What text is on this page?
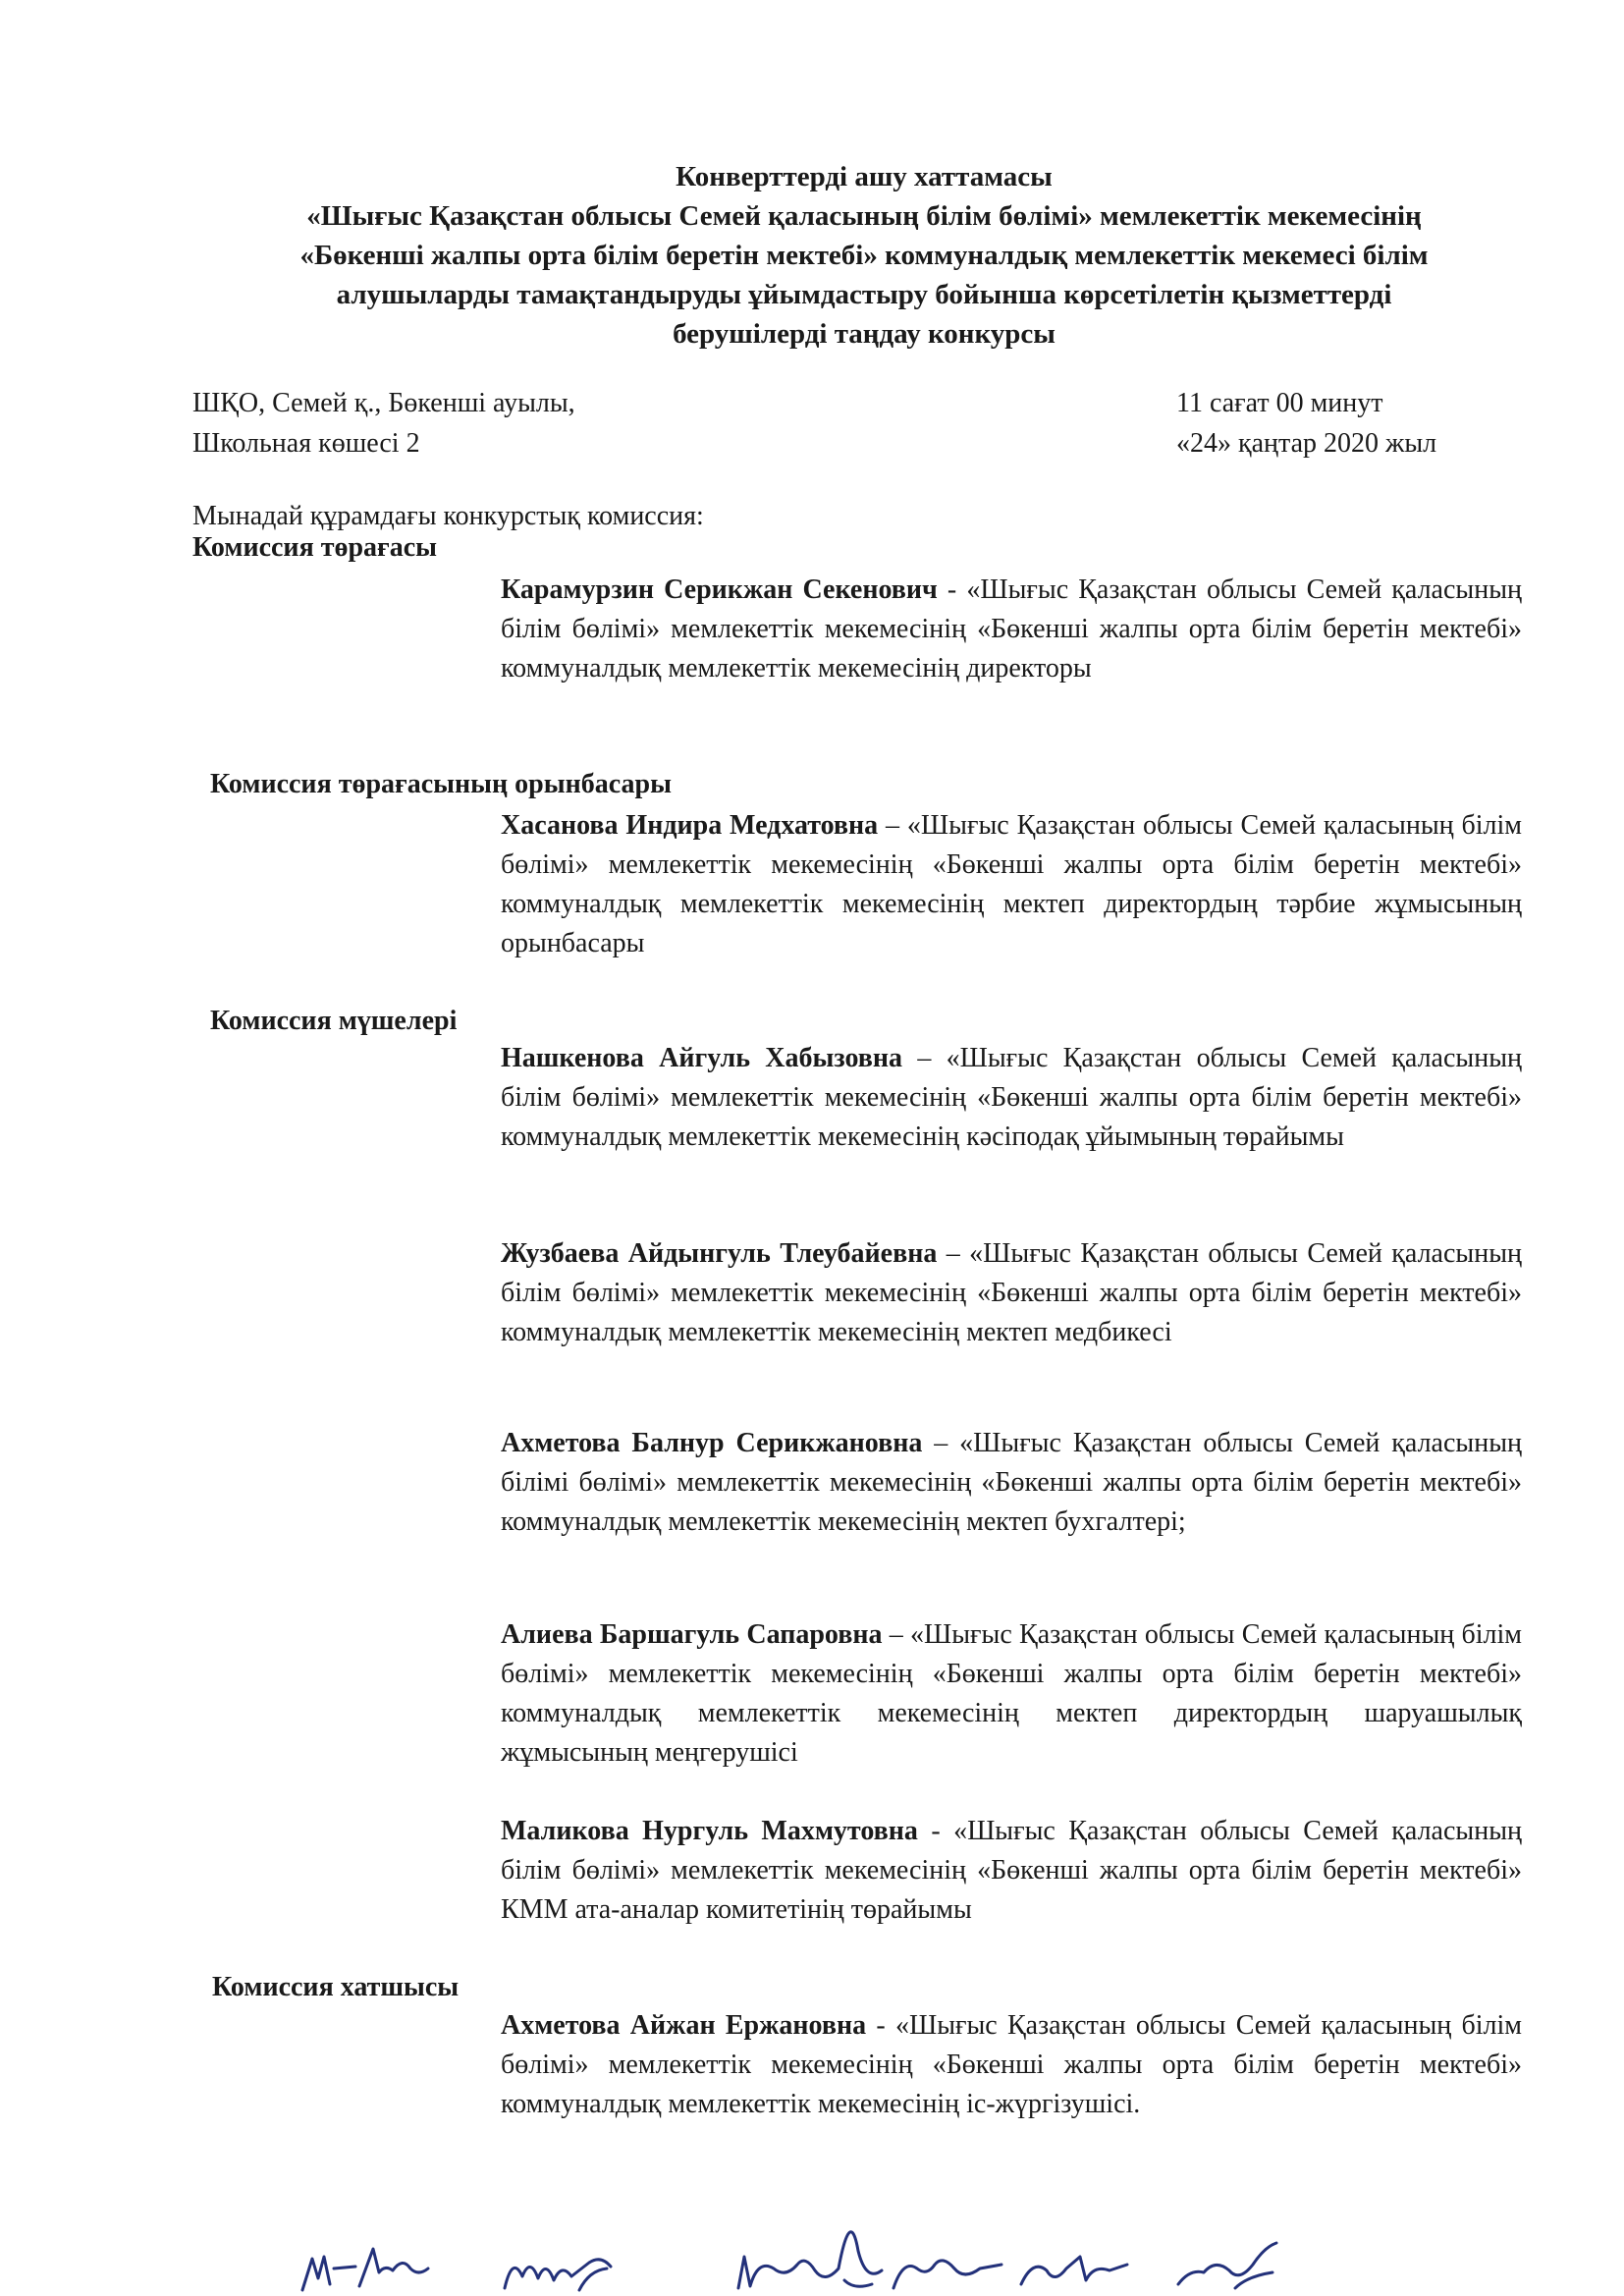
Конверттерді ашу хаттамасы
«Шығыс Қазақстан облысы Семей қаласының білім бөлімі» мемлекеттік мекемесінің
«Бөкенші жалпы орта білім беретін мектебі» коммуналдық мемлекеттік мекемесі білім
алушыларды тамақтандыруды ұйымдастыру бойынша көрсетілетін қызметтерді
берушілерді таңдау конкурсы
ШҚО, Семей қ., Бөкенші ауылы,
Школьная көшесі 2
11 сағат 00 минут
«24» қаңтар 2020 жыл
Мынадай құрамдағы конкурстық комиссия:
Комиссия төрағасы
Карамурзин Серикжан Секенович - «Шығыс Қазақстан облысы Семей қаласының білім бөлімі» мемлекеттік мекемесінің «Бөкенші жалпы орта білім беретін мектебі» коммуналдық мемлекеттік мекемесінің директоры
Комиссия төрағасының орынбасары
Хасанова Индира Медхатовна – «Шығыс Қазақстан облысы Семей қаласының білім бөлімі» мемлекеттік мекемесінің «Бөкенші жалпы орта білім беретін мектебі» коммуналдық мемлекеттік мекемесінің мектеп директордың тәрбие жұмысының орынбасары
Комиссия мүшелері
Нашкенова Айгуль Хабызовна – «Шығыс Қазақстан облысы Семей қаласының білім бөлімі» мемлекеттік мекемесінің «Бөкенші жалпы орта білім беретін мектебі» коммуналдық мемлекеттік мекемесінің кәсіподақ ұйымының төрайымы
Жузбаева Айдынгуль Тлеубайевна – «Шығыс Қазақстан облысы Семей қаласының білім бөлімі» мемлекеттік мекемесінің «Бөкенші жалпы орта білім беретін мектебі» коммуналдық мемлекеттік мекемесінің мектеп медбикесі
Ахметова Балнур Серикжановна – «Шығыс Қазақстан облысы Семей қаласының білімі бөлімі» мемлекеттік мекемесінің «Бөкенші жалпы орта білім беретін мектебі» коммуналдық мемлекеттік мекемесінің мектеп бухгалтері;
Алиева Баршагуль Сапаровна – «Шығыс Қазақстан облысы Семей қаласының білім бөлімі» мемлекеттік мекемесінің «Бөкенші жалпы орта білім беретін мектебі» коммуналдық мемлекеттік мекемесінің мектеп директордың шаруашылық жұмысының меңгерушісі
Маликова Нургуль Махмутовна - «Шығыс Қазақстан облысы Семей қаласының білім бөлімі» мемлекеттік мекемесінің «Бөкенші жалпы орта білім беретін мектебі» КММ ата-аналар комитетінің төрайымы
Комиссия хатшысы
Ахметова Айжан Ержановна - «Шығыс Қазақстан облысы Семей қаласының білім бөлімі» мемлекеттік мекемесінің «Бөкенші жалпы орта білім беретін мектебі» коммуналдық мемлекеттік мекемесінің іс-жүргізушісі.
